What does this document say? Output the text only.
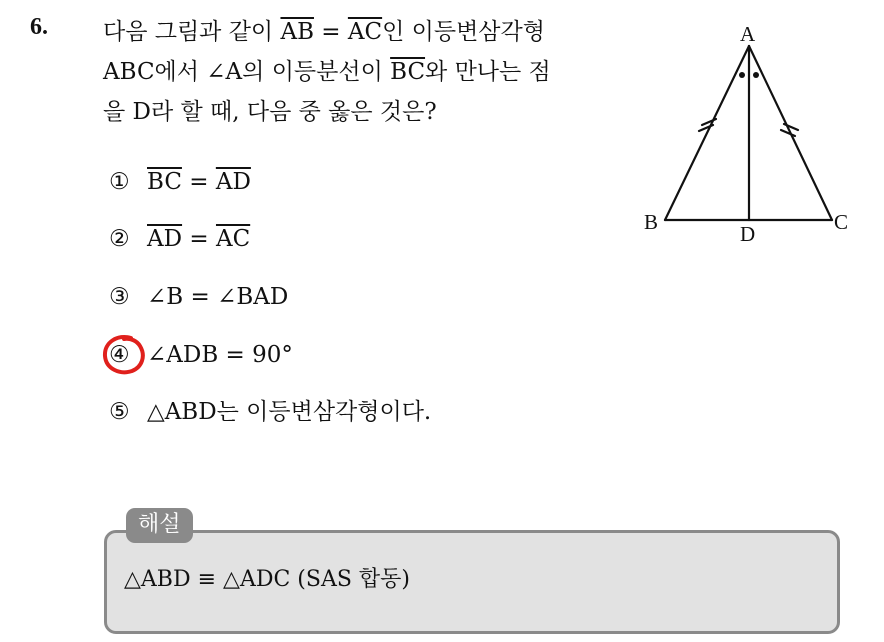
6. 다음 그림과 같이 $\overline{AB} = \overline{AC}$인 이등변삼각형
ABC에서 ∠A의 이등분선이 $\overline{BC}$와 만나는 점
을 D라 할 때, 다음 중 옳은 것은?
① $\overline{BC} = \overline{AD}$
② $\overline{AD} = \overline{AC}$
③ ∠B = ∠BAD
④ ∠ADB = 90°
⑤ △ABD는 이등변삼각형이다.
A
B	C
D
해설
△ABD ≡ △ADC (SAS 합동)
